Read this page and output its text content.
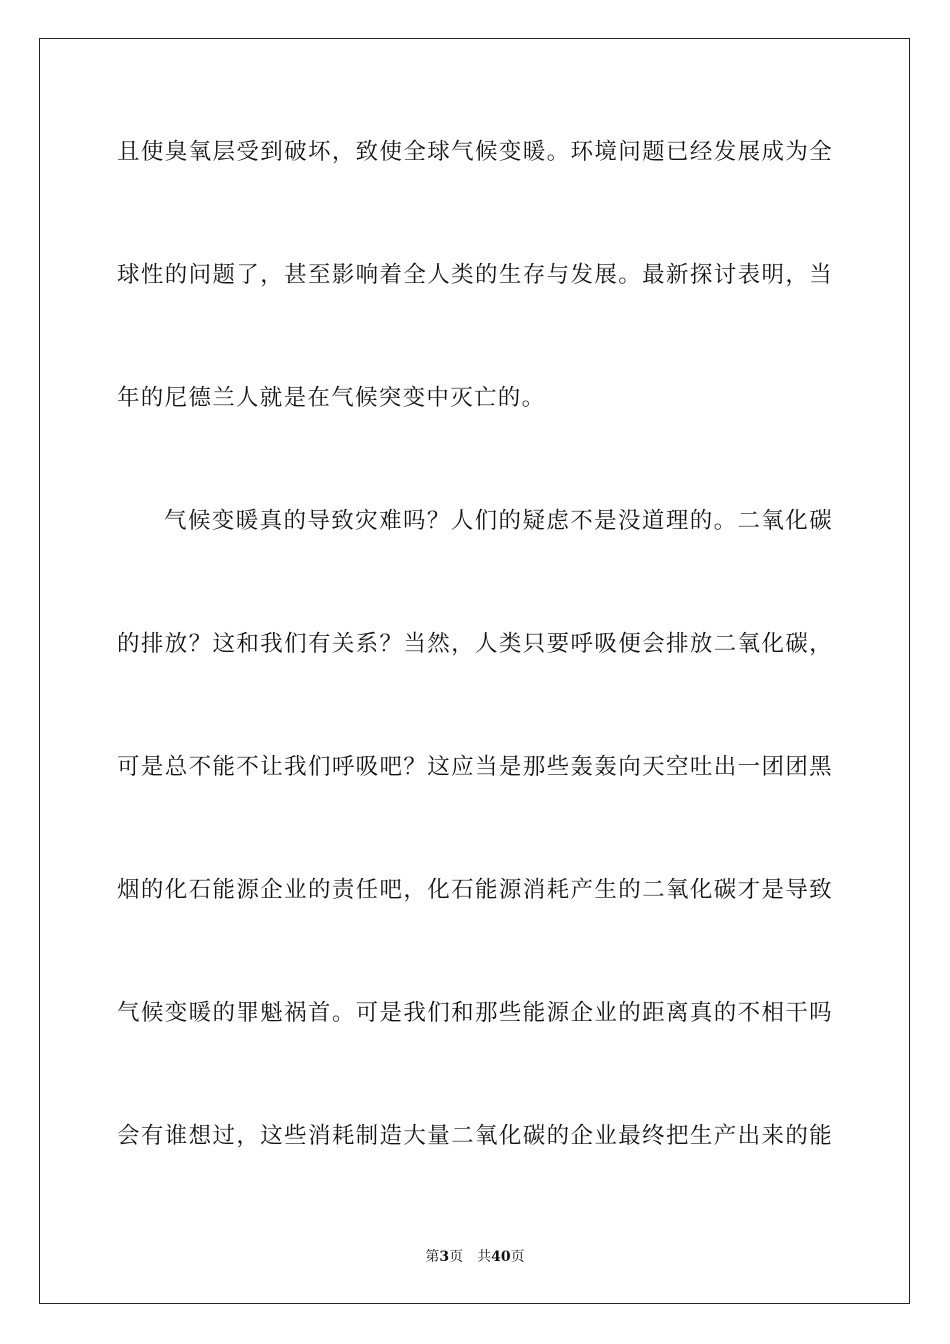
且使臭氧层受到破坏，致使全球气候变暖。环境问题已经发展成为全
球性的问题了，甚至影响着全人类的生存与发展。最新探讨表明，当
年的尼德兰人就是在气候突变中灭亡的。
气候变暖真的导致灾难吗？人们的疑虑不是没道理的。二氧化碳
的排放？这和我们有关系？当然，人类只要呼吸便会排放二氧化碳，
可是总不能不让我们呼吸吧？这应当是那些轰轰向天空吐出一团团黑
烟的化石能源企业的责任吧，化石能源消耗产生的二氧化碳才是导致
气候变暖的罪魁祸首。可是我们和那些能源企业的距离真的不相干吗
会有谁想过，这些消耗制造大量二氧化碳的企业最终把生产出来的能
第3页 共40页
